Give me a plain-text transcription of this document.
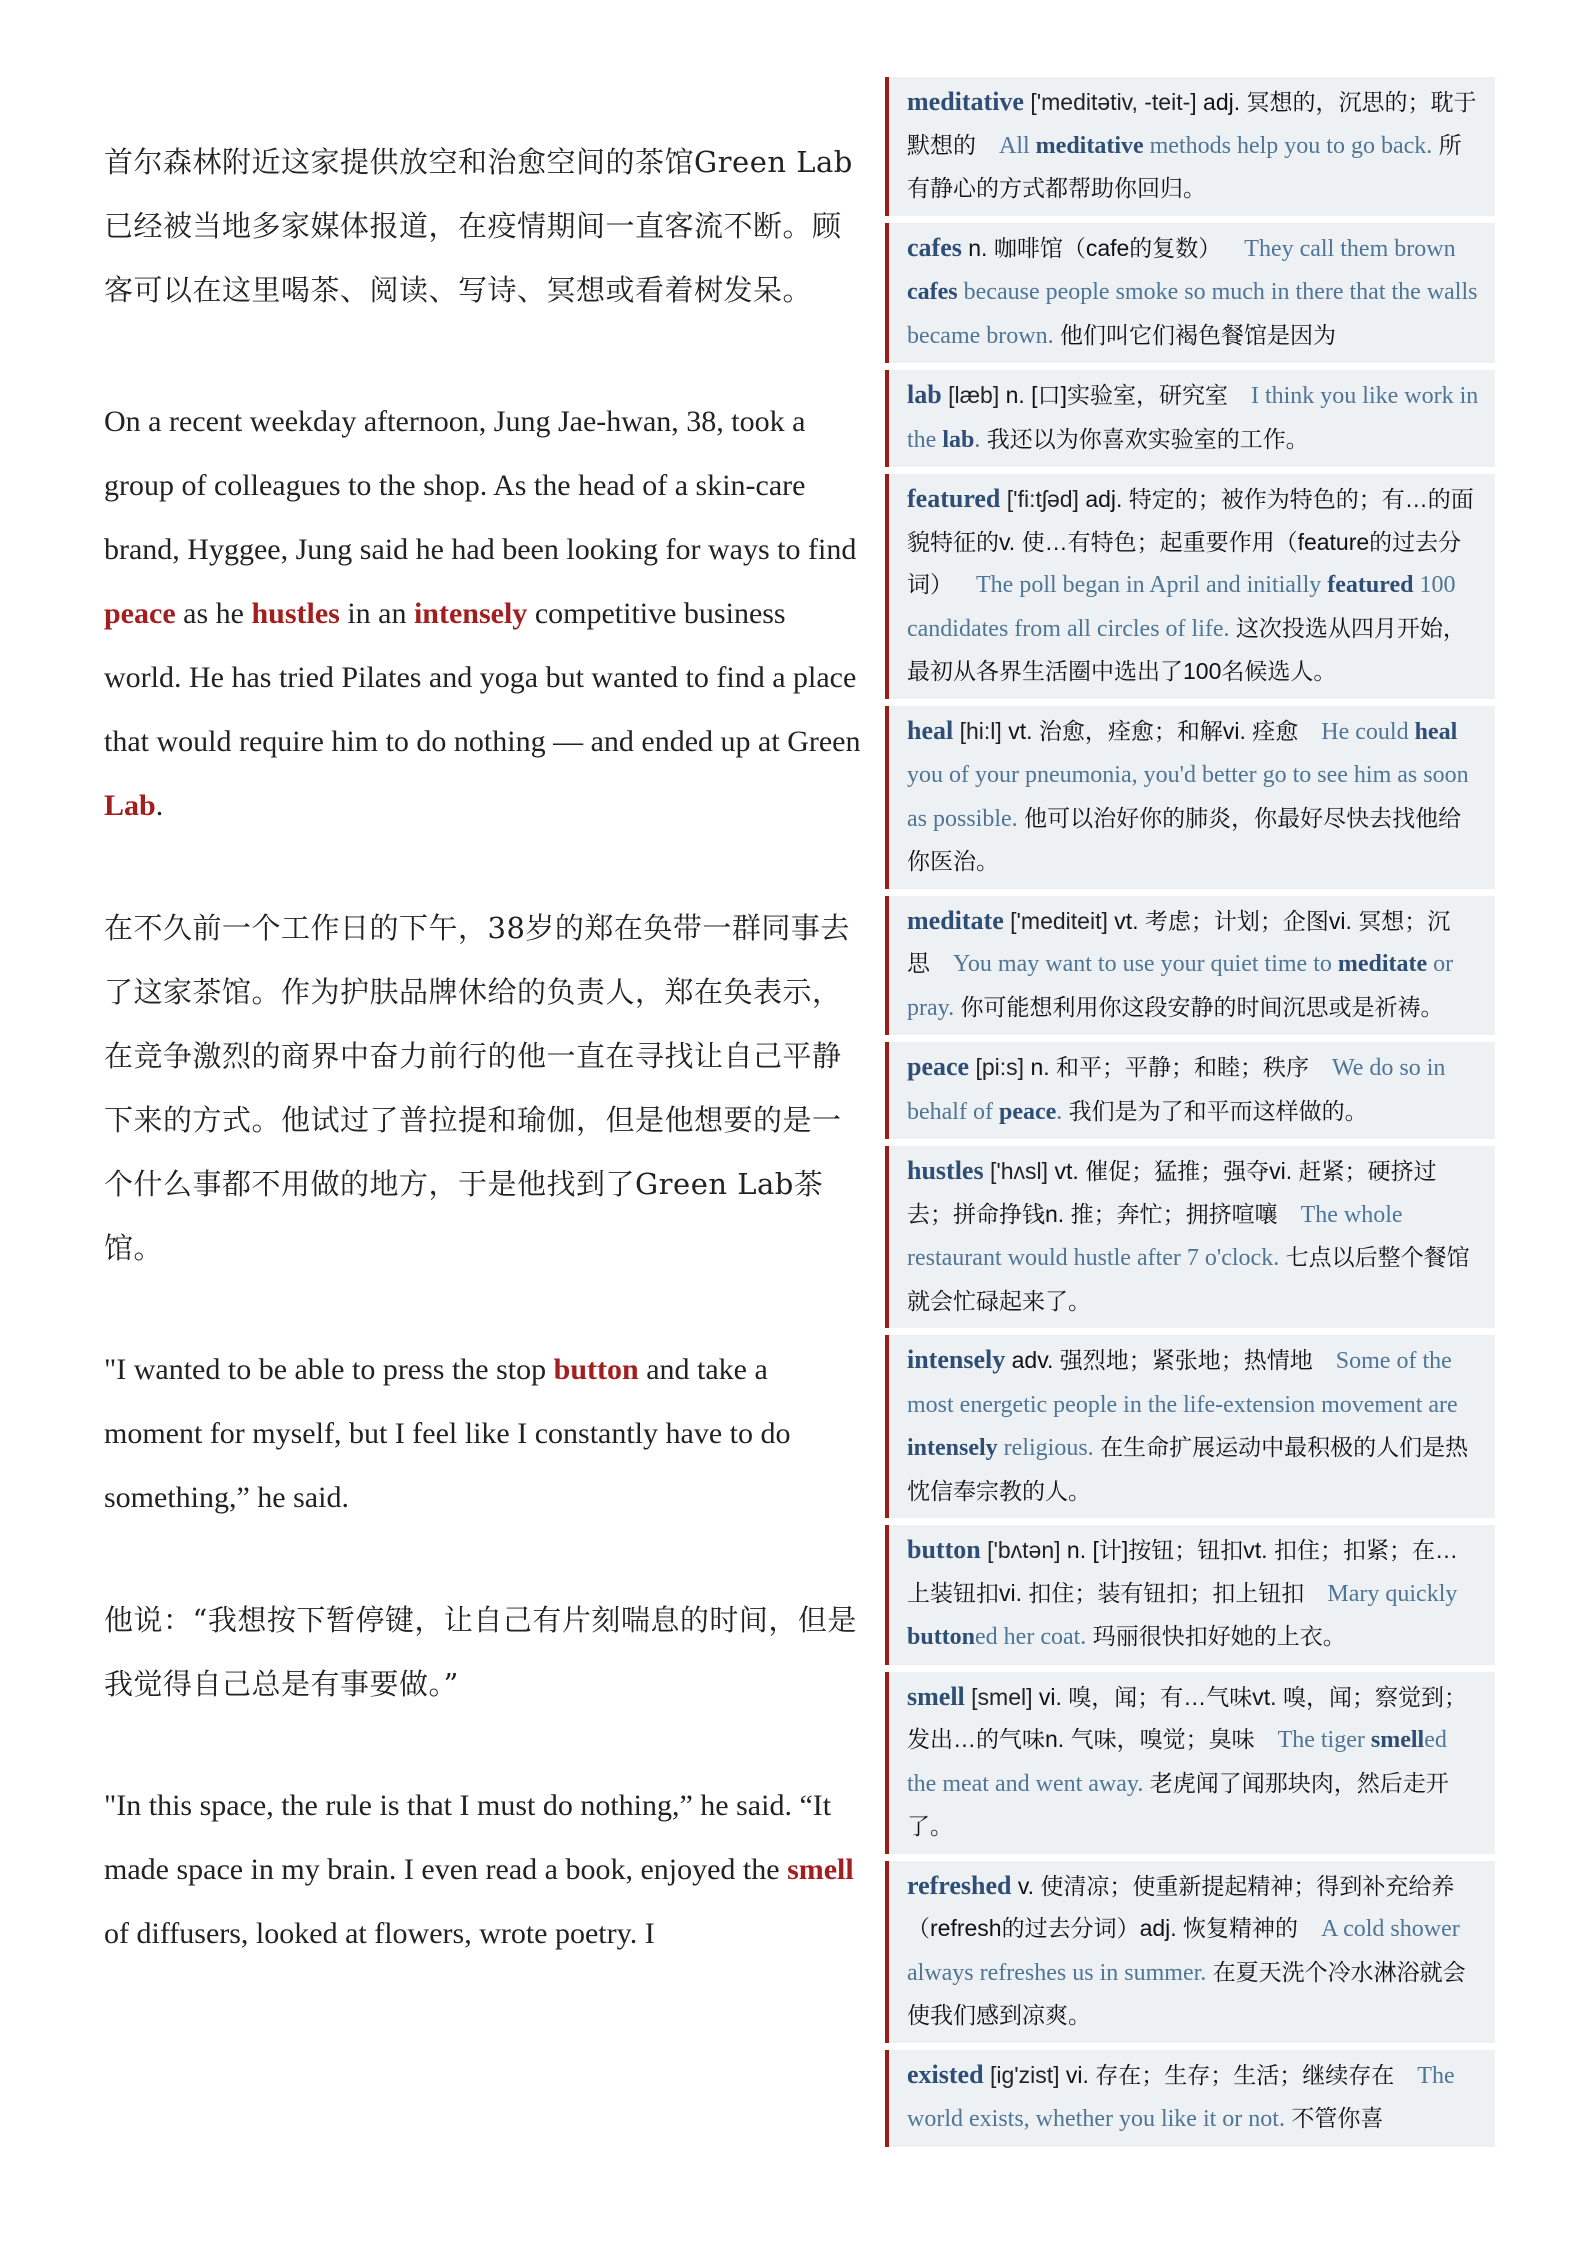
首尔森林附近这家提供放空和治愈空间的茶馆Green Lab已经被当地多家媒体报道，在疫情期间一直客流不断。顾客可以在这里喝茶、阅读、写诗、冥想或看着树发呆。

On a recent weekday afternoon, Jung Jae-hwan, 38, took a group of colleagues to the shop. As the head of a skin-care brand, Hyggee, Jung said he had been looking for ways to find peace as he hustles in an intensely competitive business world. He has tried Pilates and yoga but wanted to find a place that would require him to do nothing — and ended up at Green Lab.

在不久前一个工作日的下午，38岁的郑在奂带一群同事去了这家茶馆。作为护肤品牌休给的负责人，郑在奂表示，在竞争激烈的商界中奋力前行的他一直在寻找让自己平静下来的方式。他试过了普拉提和瑜伽，但是他想要的是一个什么事都不用做的地方，于是他找到了Green Lab茶馆。

"I wanted to be able to press the stop button and take a moment for myself, but I feel like I constantly have to do something,” he said.

他说：“我想按下暂停键，让自己有片刻喘息的时间，但是我觉得自己总是有事要做。”

"In this space, the rule is that I must do nothing,” he said. “It made space in my brain. I even read a book, enjoyed the smell of diffusers, looked at flowers, wrote poetry. I

meditative ['meditətiv, -teit-] adj. 冥想的，沉思的；耽于默想的  All meditative methods help you to go back. 所有静心的方式都帮助你回归。
cafes n. 咖啡馆（cafe的复数）  They call them brown cafes because people smoke so much in there that the walls became brown. 他们叫它们褐色餐馆是因为
lab [læb] n. [口]实验室，研究室  I think you like work in the lab. 我还以为你喜欢实验室的工作。
featured ['fi:tʃəd] adj. 特定的；被作为特色的；有…的面貌特征的v. 使…有特色；起重要作用（feature的过去分词）  The poll began in April and initially featured 100 candidates from all circles of life. 这次投选从四月开始，最初从各界生活圈中选出了100名候选人。
heal [hi:l] vt. 治愈，痊愈；和解vi. 痊愈  He could heal you of your pneumonia, you'd better go to see him as soon as possible. 他可以治好你的肺炎，你最好尽快去找他给你医治。
meditate ['mediteit] vt. 考虑；计划；企图vi. 冥想；沉思  You may want to use your quiet time to meditate or pray. 你可能想利用你这段安静的时间沉思或是祈祷。
peace [pi:s] n. 和平；平静；和睦；秩序  We do so in behalf of peace. 我们是为了和平而这样做的。
hustles ['hʌsl] vt. 催促；猛推；强夺vi. 赶紧；硬挤过去；拼命挣钱n. 推；奔忙；拥挤喧嚷  The whole restaurant would hustle after 7 o'clock. 七点以后整个餐馆就会忙碌起来了。
intensely adv. 强烈地；紧张地；热情地  Some of the most energetic people in the life-extension movement are intensely religious. 在生命扩展运动中最积极的人们是热忱信奉宗教的人。
button ['bʌtən] n. [计]按钮；钮扣vt. 扣住；扣紧；在…上装钮扣vi. 扣住；装有钮扣；扣上钮扣  Mary quickly buttoned her coat. 玛丽很快扣好她的上衣。
smell [smel] vi. 嗅，闻；有…气味vt. 嗅，闻；察觉到；发出…的气味n. 气味，嗅觉；臭味  The tiger smelled the meat and went away. 老虎闻了闻那块肉，然后走开了。
refreshed v. 使清凉；使重新提起精神；得到补充给养（refresh的过去分词）adj. 恢复精神的  A cold shower always refreshes us in summer. 在夏天洗个冷水淋浴就会使我们感到凉爽。
existed [ig'zist] vi. 存在；生存；生活；继续存在  The world exists, whether you like it or not. 不管你喜
